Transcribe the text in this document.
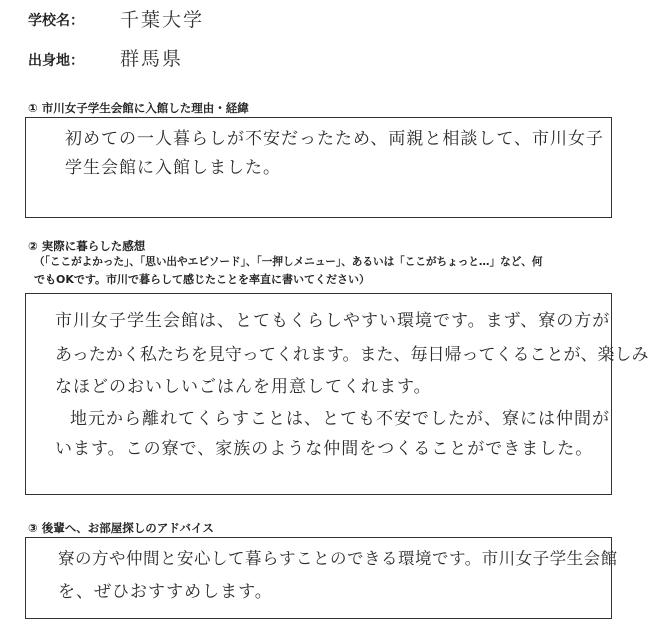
学校名： 千葉大学
出身地： 群馬県
① 市川女子学生会館に入館した理由・経緯
初めての一人暮らしが不安だったため、両親と相談して、市川女子
学生会館に入館しました。
② 実際に暮らした感想
（「ここがよかった」、「思い出やエピソード」、「一押しメニュー」、あるいは「ここがちょっと…」など、何
でもOKです。市川で暮らして感じたことを率直に書いてください）
市川女子学生会館は、とてもくらしやすい環境です。まず、寮の方が
あったかく私たちを見守ってくれます。また、毎日帰ってくることが、楽しみ
なほどのおいしいごはんを用意してくれます。
地元から離れてくらすことは、とても不安でしたが、寮には仲間が
います。この寮で、家族のような仲間をつくることができました。
③ 後輩へ、お部屋探しのアドバイス
寮の方や仲間と安心して暮らすことのできる環境です。市川女子学生会館
を、ぜひおすすめします。
